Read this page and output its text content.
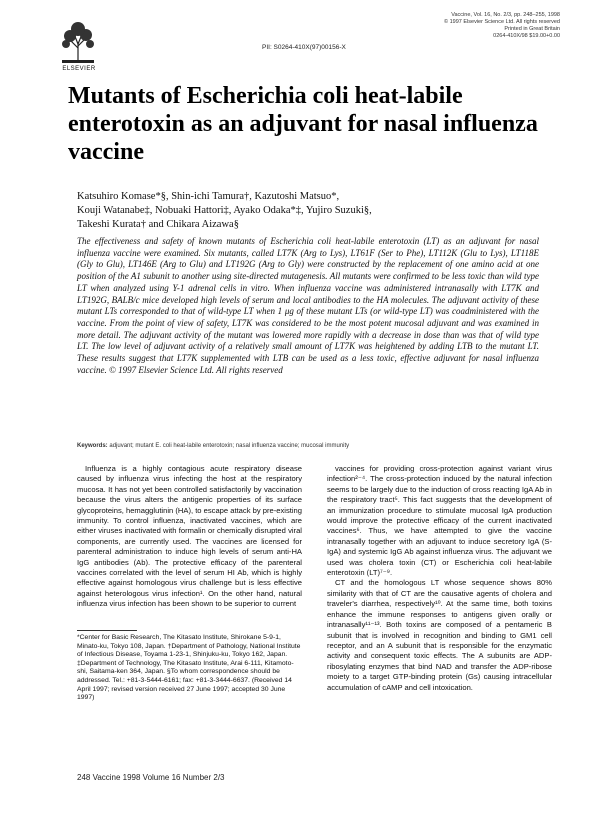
ELSEVIER
Vaccine, Vol. 16, No. 2/3, pp. 248–255, 1998
© 1997 Elsevier Science Ltd. All rights reserved
Printed in Great Britain
0264-410X/98 $19.00+0.00
PII: S0264-410X(97)00156-X
Mutants of Escherichia coli heat-labile enterotoxin as an adjuvant for nasal influenza vaccine
Katsuhiro Komase*§, Shin-ichi Tamura†, Kazutoshi Matsuo*,
Kouji Watanabe‡, Nobuaki Hattori‡, Ayako Odaka*‡, Yujiro Suzuki§,
Takeshi Kurata† and Chikara Aizawa§

The effectiveness and safety of known mutants of Escherichia coli heat-labile enterotoxin (LT) as an adjuvant for nasal influenza vaccine were examined. Six mutants, called LT7K (Arg to Lys), LT61F (Ser to Phe), LT112K (Glu to Lys), LT118E (Gly to Glu), LT146E (Arg to Glu) and LT192G (Arg to Gly) were constructed by the replacement of one amino acid at one position of the A1 subunit to another using site-directed mutagenesis. All mutants were confirmed to be less toxic than wild type LT when analyzed using Y-1 adrenal cells in vitro. When influenza vaccine was administered intranasally with LT7K and LT192G, BALB/c mice developed high levels of serum and local antibodies to the HA molecules. The adjuvant activity of these mutant LTs corresponded to that of wild-type LT when 1 μg of these mutant LTs (or wild-type LT) was coadministered with the vaccine. From the point of view of safety, LT7K was considered to be the most potent mucosal adjuvant and was examined in more detail. The adjuvant activity of the mutant was lowered more rapidly with a decrease in dose than was that of wild type LT. The low level of adjuvant activity of a relatively small amount of LT7K was heightened by adding LTB to the mutant LT. These results suggest that LT7K supplemented with LTB can be used as a less toxic, effective adjuvant for nasal influenza vaccine. © 1997 Elsevier Science Ltd. All rights reserved

Keywords: adjuvant; mutant E. coli heat-labile enterotoxin; nasal influenza vaccine; mucosal immunity

Influenza is a highly contagious acute respiratory disease caused by influenza virus infecting the host at the respiratory mucosa. It has not yet been controlled satisfactorily by vaccination because the virus alters the antigenic properties of its surface glycoproteins, hemagglutinin (HA), to escape attack by pre-existing immunity. To control influenza, inactivated vaccines, which are either viruses inactivated with formalin or chemically disrupted viral components, are currently used. The vaccines are licensed for parenteral administration to induce high levels of serum anti-HA IgG antibodies (Ab). The protective efficacy of the parenteral vaccines correlated with the level of serum HI Ab, which is highly effective against homologous virus challenge but is less effective against heterologous virus infection¹. On the other hand, natural influenza virus infection has been shown to be superior to current

*Center for Basic Research, The Kitasato Institute, Shirokane 5-9-1, Minato-ku, Tokyo 108, Japan. †Department of Pathology, National Institute of Infectious Disease, Toyama 1-23-1, Shinjuku-ku, Tokyo 162, Japan. ‡Department of Technology, The Kitasato Institute, Arai 6-111, Kitamoto-shi, Saitama-ken 364, Japan. §To whom correspondence should be addressed. Tel.: +81-3-5444-6161; fax: +81-3-3444-6637. (Received 14 April 1997; revised version received 27 June 1997; accepted 30 June 1997)

vaccines for providing cross-protection against variant virus infection²⁻⁴. The cross-protection induced by the natural infection seems to be largely due to the induction of cross reacting IgA Ab in the respiratory tract⁵. This fact suggests that the development of an immunization procedure to stimulate mucosal IgA production would improve the protective efficacy of the current inactivated vaccines⁶. Thus, we have attempted to give the vaccine intranasally together with an adjuvant to induce secretory IgA (S-IgA) and systemic IgG Ab against influenza virus. The adjuvant we used was cholera toxin (CT) or Escherichia coli heat-labile enterotoxin (LT)⁷⁻⁹.

CT and the homologous LT whose sequence shows 80% similarity with that of CT are the causative agents of cholera and traveler's diarrhea, respectively¹⁰. At the same time, both toxins enhance the immune responses to antigens given orally or intranasally¹¹⁻¹³. Both toxins are composed of a pentameric B subunit that is involved in recognition and binding to GM1 cell receptor, and an A subunit that is responsible for the enzymatic activity and consequent toxic effects. The A subunits are ADP-ribosylating enzymes that bind NAD and transfer the ADP-ribose moiety to a target GTP-binding protein (Gs) causing intracellular accumulation of cAMP and cell intoxication.

248 Vaccine 1998 Volume 16 Number 2/3
